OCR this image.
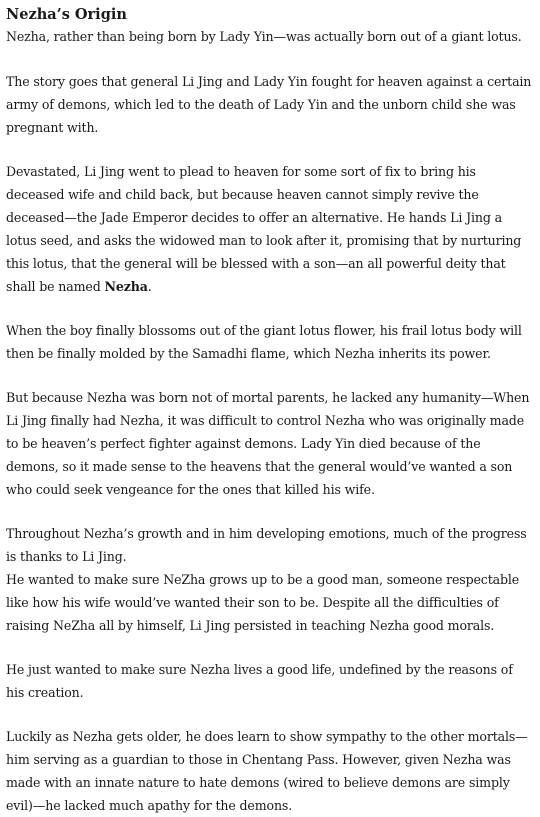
Nezha’s Origin

Nezha, rather than being born by Lady Yin—was actually born out of a giant lotus.

The story goes that general Li Jing and Lady Yin fought for heaven against a certain army of demons, which led to the death of Lady Yin and the unborn child she was pregnant with.

Devastated, Li Jing went to plead to heaven for some sort of fix to bring his deceased wife and child back, but because heaven cannot simply revive the deceased—the Jade Emperor decides to offer an alternative. He hands Li Jing a lotus seed, and asks the widowed man to look after it, promising that by nurturing this lotus, that the general will be blessed with a son—an all powerful deity that shall be named Nezha.

When the boy finally blossoms out of the giant lotus flower, his frail lotus body will then be finally molded by the Samadhi flame, which Nezha inherits its power.

But because Nezha was born not of mortal parents, he lacked any humanity—When Li Jing finally had Nezha, it was difficult to control Nezha who was originally made to be heaven’s perfect fighter against demons. Lady Yin died because of the demons, so it made sense to the heavens that the general would’ve wanted a son who could seek vengeance for the ones that killed his wife.

Throughout Nezha’s growth and in him developing emotions, much of the progress is thanks to Li Jing.

He wanted to make sure NeZha grows up to be a good man, someone respectable like how his wife would’ve wanted their son to be. Despite all the difficulties of raising NeZha all by himself, Li Jing persisted in teaching Nezha good morals.

He just wanted to make sure Nezha lives a good life, undefined by the reasons of his creation.

Luckily as Nezha gets older, he does learn to show sympathy to the other mortals—him serving as a guardian to those in Chentang Pass. However, given Nezha was made with an innate nature to hate demons (wired to believe demons are simply evil)—he lacked much apathy for the demons.
